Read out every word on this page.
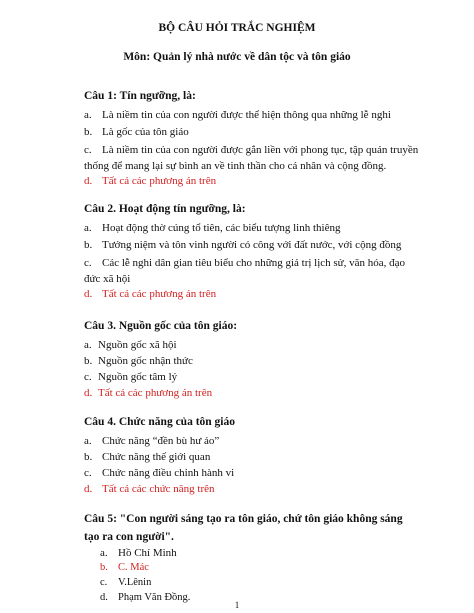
BỘ CÂU HỎI TRẮC NGHIỆM
Môn: Quản lý nhà nước về dân tộc và tôn giáo
Câu 1: Tín ngưỡng, là:
a. Là niềm tin của con người được thể hiện thông qua những lễ nghi
b. Là gốc của tôn giáo
c. Là niềm tin của con người được gắn liền với phong tục, tập quán truyền thống để mang lại sự bình an về tinh thần cho cá nhân và cộng đồng.
d. Tất cả các phương án trên
Câu 2. Hoạt động tín ngưỡng, là:
a. Hoạt động thờ cúng tổ tiên, các biểu tượng linh thiêng
b. Tưởng niệm và tôn vinh người có công với đất nước, với cộng đồng
c. Các lễ nghi dân gian tiêu biểu cho những giá trị lịch sử, văn hóa, đạo đức xã hội
d. Tất cả các phương án trên
Câu 3. Nguồn gốc của tôn giáo:
a. Nguồn gốc xã hội
b. Nguồn gốc nhận thức
c. Nguồn gốc tâm lý
d. Tất cả các phương án trên
Câu 4. Chức năng của tôn giáo
a. Chức năng “đền bù hư ảo”
b. Chức năng thế giới quan
c. Chức năng điều chỉnh hành vi
d. Tất cả các chức năng trên
Câu 5: "Con người sáng tạo ra tôn giáo, chứ tôn giáo không sáng tạo ra con người".
a. Hồ Chí Minh
1
b. C. Mác
c. V.Lênin
d. Phạm Văn Đồng.
